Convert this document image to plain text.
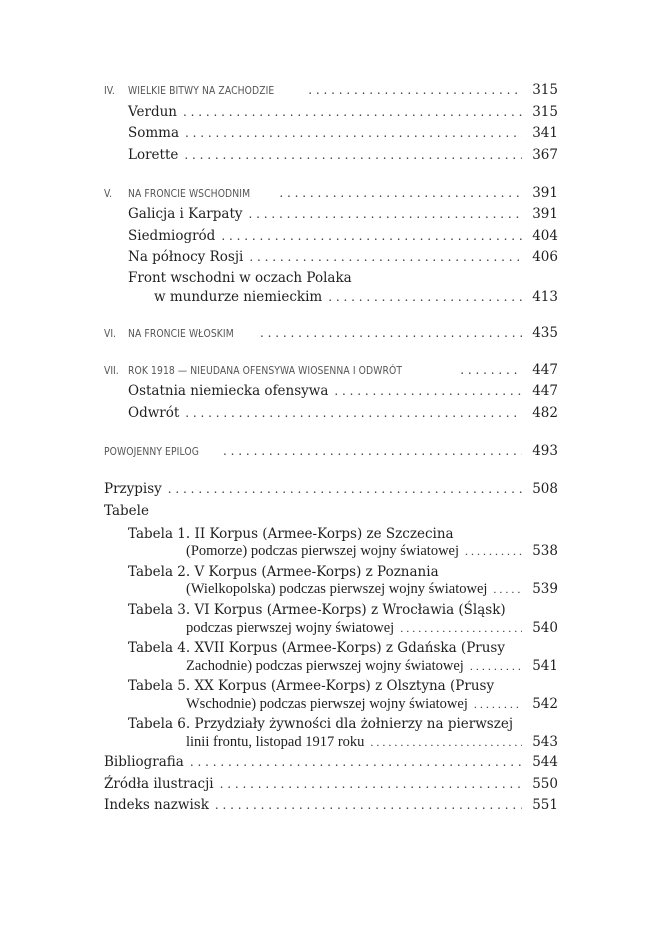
IV.	WIELKIE BITWY NA ZACHODZIE . . .	315
Verdun . . .	315
Somma . . .	341
Lorette . . .	367
V.	NA FRONCIE WSCHODNIM . . .	391
Galicja i Karpaty . . .	391
Siedmiogród . . .	404
Na północy Rosji . . .	406
Front wschodni w oczach Polaka
w mundurze niemieckim . . .	413
VI.	NA FRONCIE WŁOSKIM . . .	435
VII. ROK 1918 — NIEUDANA OFENSYWA WIOSENNA I ODWRÓT . . .	447
Ostatnia niemiecka ofensywa . . .	447
Odwrót . . .	482
POWOJENNY EPILOG . . .	493
Przypisy . . .	508
Tabele
Tabela 1. II Korpus (Armee-Korps) ze Szczecina
(Pomorze) podczas pierwszej wojny światowej . . .	538
Tabela 2. V Korpus (Armee-Korps) z Poznania
(Wielkopolska) podczas pierwszej wojny światowej . . .	539
Tabela 3. VI Korpus (Armee-Korps) z Wrocławia (Śląsk)
podczas pierwszej wojny światowej . . .	540
Tabela 4. XVII Korpus (Armee-Korps) z Gdańska (Prusy
Zachodnie) podczas pierwszej wojny światowej . . .	541
Tabela 5. XX Korpus (Armee-Korps) z Olsztyna (Prusy
Wschodnie) podczas pierwszej wojny światowej . . .	542
Tabela 6. Przydziały żywności dla żołnierzy na pierwszej
linii frontu, listopad 1917 roku . . .	543
Bibliografia . . .	544
Źródła ilustracji . . .	550
Indeks nazwisk . . .	551
